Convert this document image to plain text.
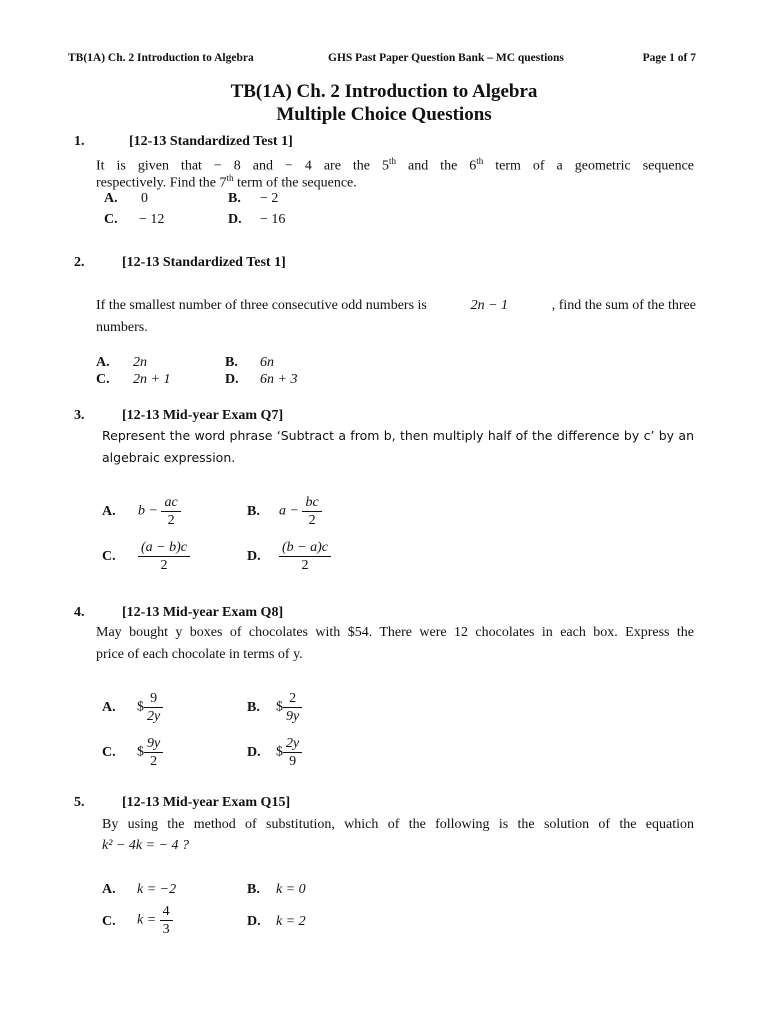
TB(1A) Ch. 2 Introduction to Algebra	GHS Past Paper Question Bank – MC questions	Page 1 of 7
TB(1A) Ch. 2 Introduction to Algebra
Multiple Choice Questions
1.	[12-13 Standardized Test 1]
It is given that − 8 and − 4 are the 5th and the 6th term of a geometric sequence
respectively. Find the 7th term of the sequence.
A. 0	B. − 2
C. − 12	D. − 16
2.	[12-13 Standardized Test 1]
If the smallest number of three consecutive odd numbers is	2n − 1	, find the sum of the three
numbers.
A. 2n	B. 6n
C. 2n + 1	D. 6n + 3
3.	[12-13 Mid-year Exam Q7]
Represent the word phrase ‘Subtract a from b, then multiply half of the difference by c’ by an
algebraic expression.
A. $b - \frac{ac}{2}$	B. $a - \frac{bc}{2}$
C. $\frac{(a - b)c}{2}$	D. $\frac{(b - a)c}{2}$
4.	[12-13 Mid-year Exam Q8]
May bought y boxes of chocolates with $54. There were 12 chocolates in each box. Express the
price of each chocolate in terms of y.
A. $ $\frac{9}{2y}$	B. $ $\frac{2}{9y}$
C. $ $\frac{9y}{2}$	D. $ $\frac{2y}{9}$
5.	[12-13 Mid-year Exam Q15]
By using the method of substitution, which of the following is the solution of the equation
k² − 4k = − 4 ?
A. k = −2	B. k = 0
C. $k = \frac{4}{3}$	D. k = 2
